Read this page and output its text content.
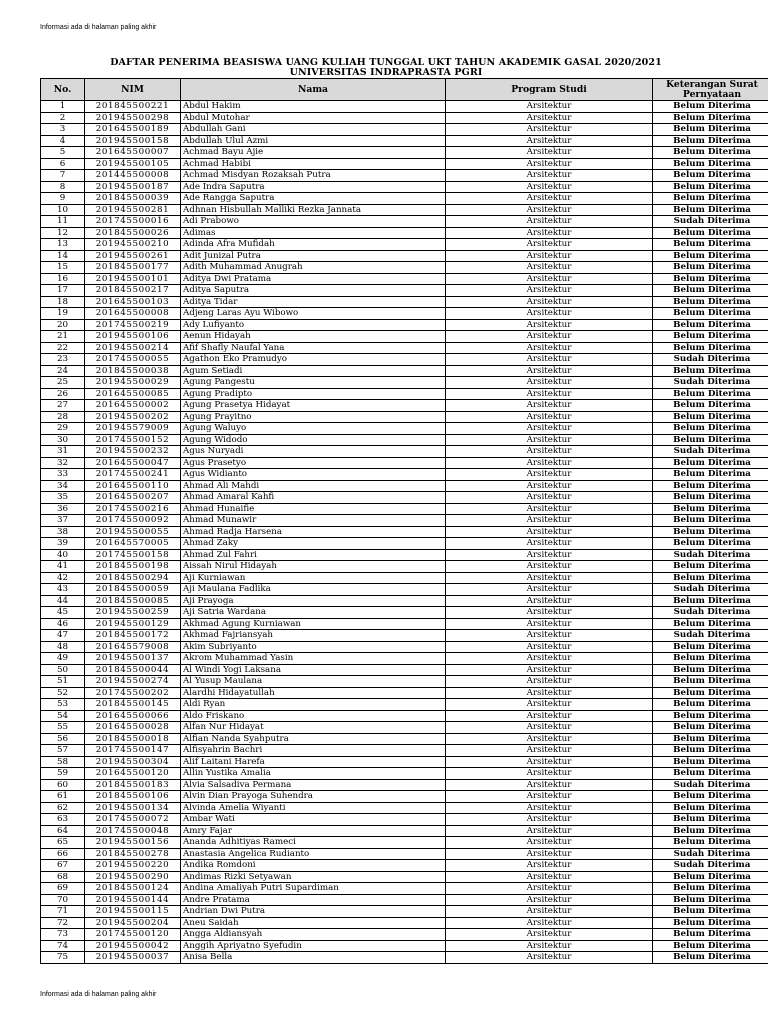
Informasi ada di halaman paling akhir
DAFTAR PENERIMA BEASISWA UANG KULIAH TUNGGAL UKT TAHUN AKADEMIK GASAL 2020/2021
UNIVERSITAS INDRAPRASTA PGRI
No.	NIM	Nama	Program Studi	Keterangan Surat Pernyataan
1	201845500221	Abdul Hakim	Arsitektur	Belum Diterima
2	201945500298	Abdul Mutohar	Arsitektur	Belum Diterima
3	201645500189	Abdullah Gani	Arsitektur	Belum Diterima
4	201945500158	Abdullah Ulul Azmi	Arsitektur	Belum Diterima
5	201645500007	Achmad Bayu Ajie	Arsitektur	Belum Diterima
6	201945500105	Achmad Habibi	Arsitektur	Belum Diterima
7	201445500008	Achmad Misdyan Rozaksah Putra	Arsitektur	Belum Diterima
8	201945500187	Ade Indra Saputra	Arsitektur	Belum Diterima
9	201845500039	Ade Rangga Saputra	Arsitektur	Belum Diterima
10	201945500281	Adhnan Hisbullah Malliki Rezka Jannata	Arsitektur	Belum Diterima
11	201745500016	Adi Prabowo	Arsitektur	Sudah Diterima
12	201845500026	Adimas	Arsitektur	Belum Diterima
13	201945500210	Adinda Afra Mufidah	Arsitektur	Belum Diterima
14	201945500261	Adit Junizal Putra	Arsitektur	Belum Diterima
15	201845500177	Adith Muhammad Anugrah	Arsitektur	Belum Diterima
16	201945500101	Aditya Dwi Pratama	Arsitektur	Belum Diterima
17	201845500217	Aditya Saputra	Arsitektur	Belum Diterima
18	201645500103	Aditya Tidar	Arsitektur	Belum Diterima
19	201645500008	Adjeng Laras Ayu Wibowo	Arsitektur	Belum Diterima
20	201745500219	Ady Lufiyanto	Arsitektur	Belum Diterima
21	201945500106	Aenun Hidayah	Arsitektur	Belum Diterima
22	201945500214	Afif Shafly Naufal Yana	Arsitektur	Belum Diterima
23	201745500055	Agathon Eko Pramudyo	Arsitektur	Sudah Diterima
24	201845500038	Agum Setiadi	Arsitektur	Belum Diterima
25	201945500029	Agung Pangestu	Arsitektur	Sudah Diterima
26	201645500085	Agung Pradipto	Arsitektur	Belum Diterima
27	201645500002	Agung Prasetya Hidayat	Arsitektur	Belum Diterima
28	201945500202	Agung Prayitno	Arsitektur	Belum Diterima
29	201945579009	Agung Waluyo	Arsitektur	Belum Diterima
30	201745500152	Agung Widodo	Arsitektur	Belum Diterima
31	201945500232	Agus Nuryadi	Arsitektur	Sudah Diterima
32	201645500047	Agus Prasetyo	Arsitektur	Belum Diterima
33	201745500241	Agus Widianto	Arsitektur	Belum Diterima
34	201645500110	Ahmad Ali Mahdi	Arsitektur	Belum Diterima
35	201645500207	Ahmad Amaral Kahfi	Arsitektur	Belum Diterima
36	201745500216	Ahmad Hunaifie	Arsitektur	Belum Diterima
37	201745500092	Ahmad Munawir	Arsitektur	Belum Diterima
38	201945500055	Ahmad Radja Harsena	Arsitektur	Belum Diterima
39	201645570005	Ahmad Zaky	Arsitektur	Belum Diterima
40	201745500158	Ahmad Zul Fahri	Arsitektur	Sudah Diterima
41	201845500198	Aissah Nirul Hidayah	Arsitektur	Belum Diterima
42	201845500294	Aji Kurniawan	Arsitektur	Belum Diterima
43	201845500059	Aji Maulana Fadlika	Arsitektur	Sudah Diterima
44	201845500085	Aji Prayoga	Arsitektur	Belum Diterima
45	201945500259	Aji Satria Wardana	Arsitektur	Sudah Diterima
46	201945500129	Akhmad Agung Kurniawan	Arsitektur	Belum Diterima
47	201845500172	Akhmad Fajriansyah	Arsitektur	Sudah Diterima
48	201645579008	Akim Subriyanto	Arsitektur	Belum Diterima
49	201945500137	Akrom Muhammad Yasin	Arsitektur	Belum Diterima
50	201845500044	Al Windi Yogi Laksana	Arsitektur	Belum Diterima
51	201945500274	Al Yusup Maulana	Arsitektur	Belum Diterima
52	201745500202	Alardhi Hidayatullah	Arsitektur	Belum Diterima
53	201845500145	Aldi Ryan	Arsitektur	Belum Diterima
54	201645500066	Aldo Friskano	Arsitektur	Belum Diterima
55	201645500028	Alfan Nur Hidayat	Arsitektur	Belum Diterima
56	201845500018	Alfian Nanda Syahputra	Arsitektur	Belum Diterima
57	201745500147	Alfisyahrin Bachri	Arsitektur	Belum Diterima
58	201945500304	Alif Laitani Harefa	Arsitektur	Belum Diterima
59	201645500120	Allin Yustika Amalia	Arsitektur	Belum Diterima
60	201845500183	Alvia Salsadiva Permana	Arsitektur	Sudah Diterima
61	201845500106	Alvin Dian Prayoga Suhendra	Arsitektur	Belum Diterima
62	201945500134	Alvinda Amelia Wiyanti	Arsitektur	Belum Diterima
63	201745500072	Ambar Wati	Arsitektur	Belum Diterima
64	201745500048	Amry Fajar	Arsitektur	Belum Diterima
65	201945500156	Ananda Adhitiyas Rameci	Arsitektur	Belum Diterima
66	201845500278	Anastasia Angelica Rudianto	Arsitektur	Sudah Diterima
67	201945500220	Andika Romdoni	Arsitektur	Sudah Diterima
68	201945500290	Andimas Rizki Setyawan	Arsitektur	Belum Diterima
69	201845500124	Andina Amaliyah Putri Supardiman	Arsitektur	Belum Diterima
70	201945500144	Andre Pratama	Arsitektur	Belum Diterima
71	201945500115	Andrian Dwi Putra	Arsitektur	Belum Diterima
72	201945500204	Aneu Saidah	Arsitektur	Belum Diterima
73	201745500120	Angga Aldiansyah	Arsitektur	Belum Diterima
74	201945500042	Anggih Apriyatno Syefudin	Arsitektur	Belum Diterima
75	201945500037	Anisa Bella	Arsitektur	Belum Diterima
Informasi ada di halaman paling akhir
